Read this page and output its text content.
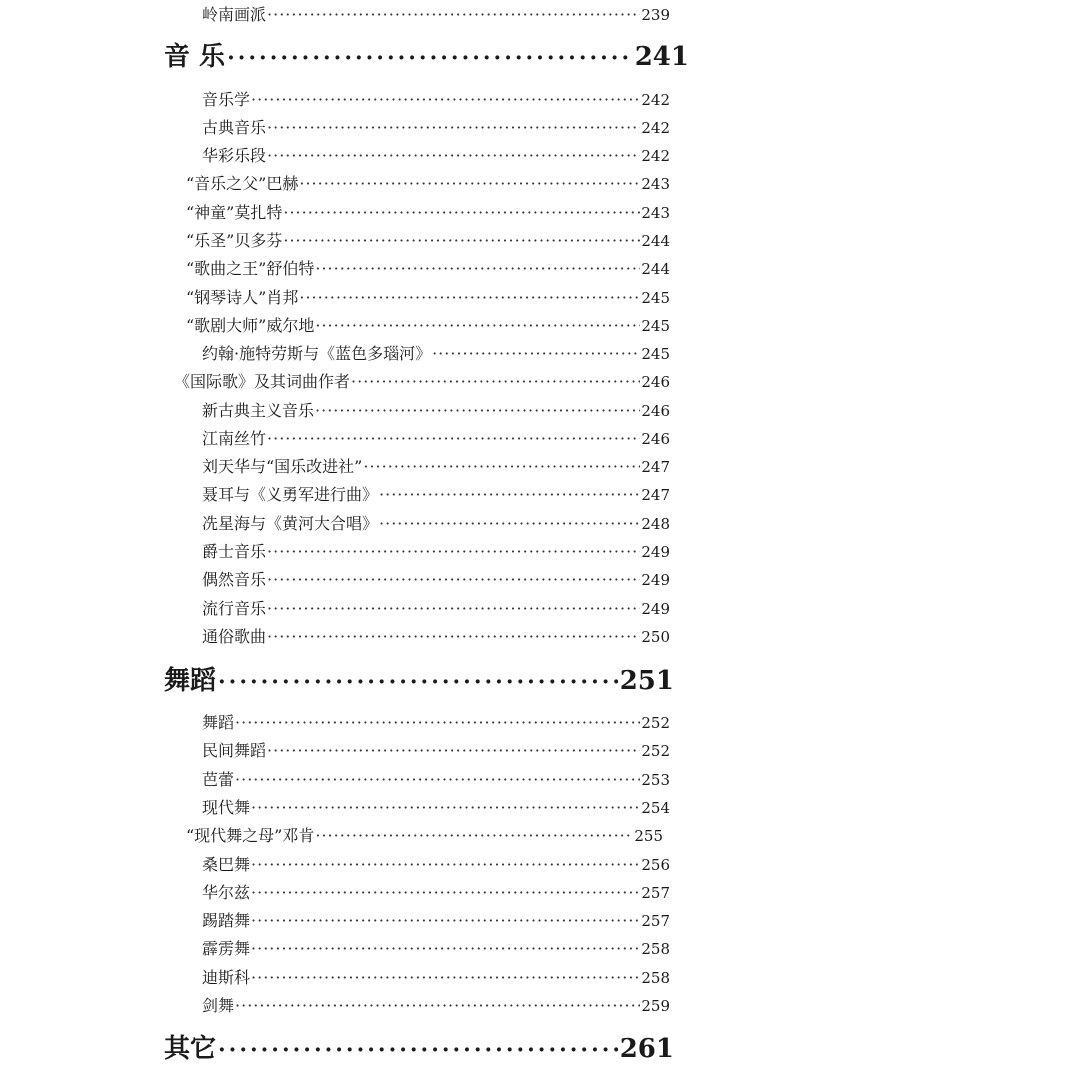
岭南画派 ·····	239
音 乐 ·····	241
音乐学 ·····	242
古典音乐 ·····	242
华彩乐段 ·····	242
“音乐之父”巴赫 ·····	243
“神童”莫扎特 ·····	243
“乐圣”贝多芬 ·····	244
“歌曲之王”舒伯特 ·····	244
“钢琴诗人”肖邦 ·····	245
“歌剧大师”威尔地 ·····	245
约翰·施特劳斯与《蓝色多瑙河》 ·····	245
《国际歌》及其词曲作者 ·····	246
新古典主义音乐 ·····	246
江南丝竹 ·····	246
刘天华与“国乐改进社” ·····	247
聂耳与《义勇军进行曲》 ·····	247
冼星海与《黄河大合唱》 ·····	248
爵士音乐 ·····	249
偶然音乐 ·····	249
流行音乐 ·····	249
通俗歌曲 ·····	250
舞蹈 ·····	251
舞蹈 ·····	252
民间舞蹈 ·····	252
芭蕾 ·····	253
现代舞 ·····	254
“现代舞之母”邓肯 ·····	255
桑巴舞 ·····	256
华尔兹 ·····	257
踢踏舞 ·····	257
霹雳舞 ·····	258
迪斯科 ·····	258
剑舞 ·····	259
其它 ·····	261
